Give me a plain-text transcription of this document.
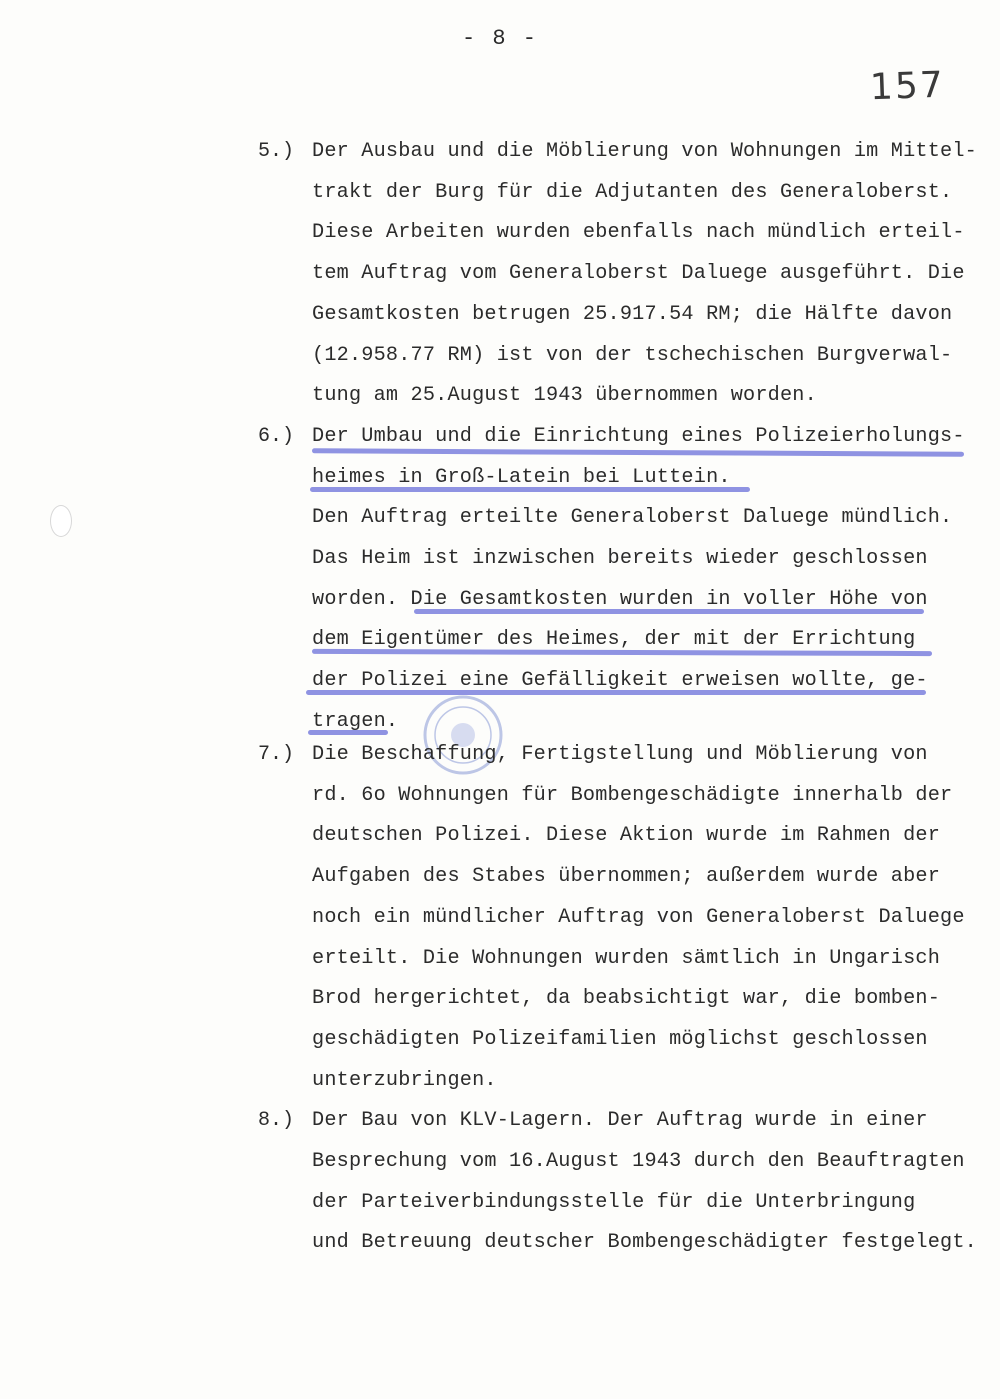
- 8 -
157
5.) Der Ausbau und die Möblierung von Wohnungen im Mittel-
trakt der Burg für die Adjutanten des Generaloberst.
Diese Arbeiten wurden ebenfalls nach mündlich erteil-
tem Auftrag vom Generaloberst Daluege ausgeführt. Die
Gesamtkosten betrugen 25.917.54 RM; die Hälfte davon
(12.958.77 RM) ist von der tschechischen Burgverwal-
tung am 25.August 1943 übernommen worden.
6.) Der Umbau und die Einrichtung eines Polizeierholungs-
heimes in Groß-Latein bei Luttein.
Den Auftrag erteilte Generaloberst Daluege mündlich.
Das Heim ist inzwischen bereits wieder geschlossen
worden. Die Gesamtkosten wurden in voller Höhe von
dem Eigentümer des Heimes, der mit der Errichtung
der Polizei eine Gefälligkeit erweisen wollte, ge-
tragen.
7.) Die Beschaffung, Fertigstellung und Möblierung von
rd. 6o Wohnungen für Bombengeschädigte innerhalb der
deutschen Polizei. Diese Aktion wurde im Rahmen der
Aufgaben des Stabes übernommen; außerdem wurde aber
noch ein mündlicher Auftrag von Generaloberst Daluege
erteilt. Die Wohnungen wurden sämtlich in Ungarisch
Brod hergerichtet, da beabsichtigt war, die bomben-
geschädigten Polizeifamilien möglichst geschlossen
unterzubringen.
8.) Der Bau von KLV-Lagern. Der Auftrag wurde in einer
Besprechung vom 16.August 1943 durch den Beauftragten
der Parteiverbindungsstelle für die Unterbringung
und Betreuung deutscher Bombengeschädigter festgelegt.
